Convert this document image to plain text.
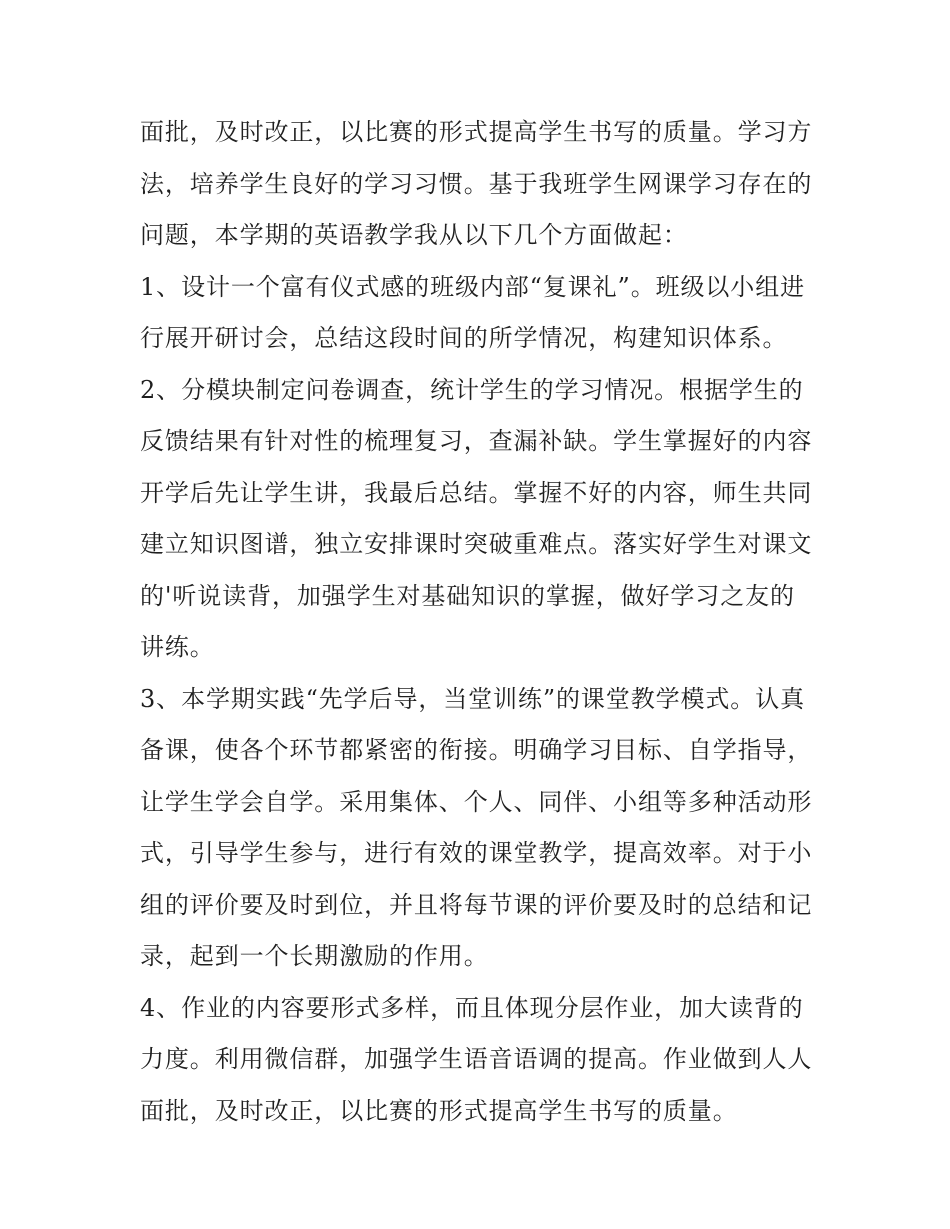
面批，及时改正，以比赛的形式提高学生书写的质量。学习方
法，培养学生良好的学习习惯。基于我班学生网课学习存在的
问题，本学期的英语教学我从以下几个方面做起：
1、设计一个富有仪式感的班级内部“复课礼”。班级以小组进
行展开研讨会，总结这段时间的所学情况，构建知识体系。
2、分模块制定问卷调查，统计学生的学习情况。根据学生的
反馈结果有针对性的梳理复习，查漏补缺。学生掌握好的内容
开学后先让学生讲，我最后总结。掌握不好的内容，师生共同
建立知识图谱，独立安排课时突破重难点。落实好学生对课文
的'听说读背，加强学生对基础知识的掌握，做好学习之友的
讲练。
3、本学期实践“先学后导，当堂训练”的课堂教学模式。认真
备课，使各个环节都紧密的衔接。明确学习目标、自学指导，
让学生学会自学。采用集体、个人、同伴、小组等多种活动形
式，引导学生参与，进行有效的课堂教学，提高效率。对于小
组的评价要及时到位，并且将每节课的评价要及时的总结和记
录，起到一个长期激励的作用。
4、作业的内容要形式多样，而且体现分层作业，加大读背的
力度。利用微信群，加强学生语音语调的提高。作业做到人人
面批，及时改正，以比赛的形式提高学生书写的质量。
